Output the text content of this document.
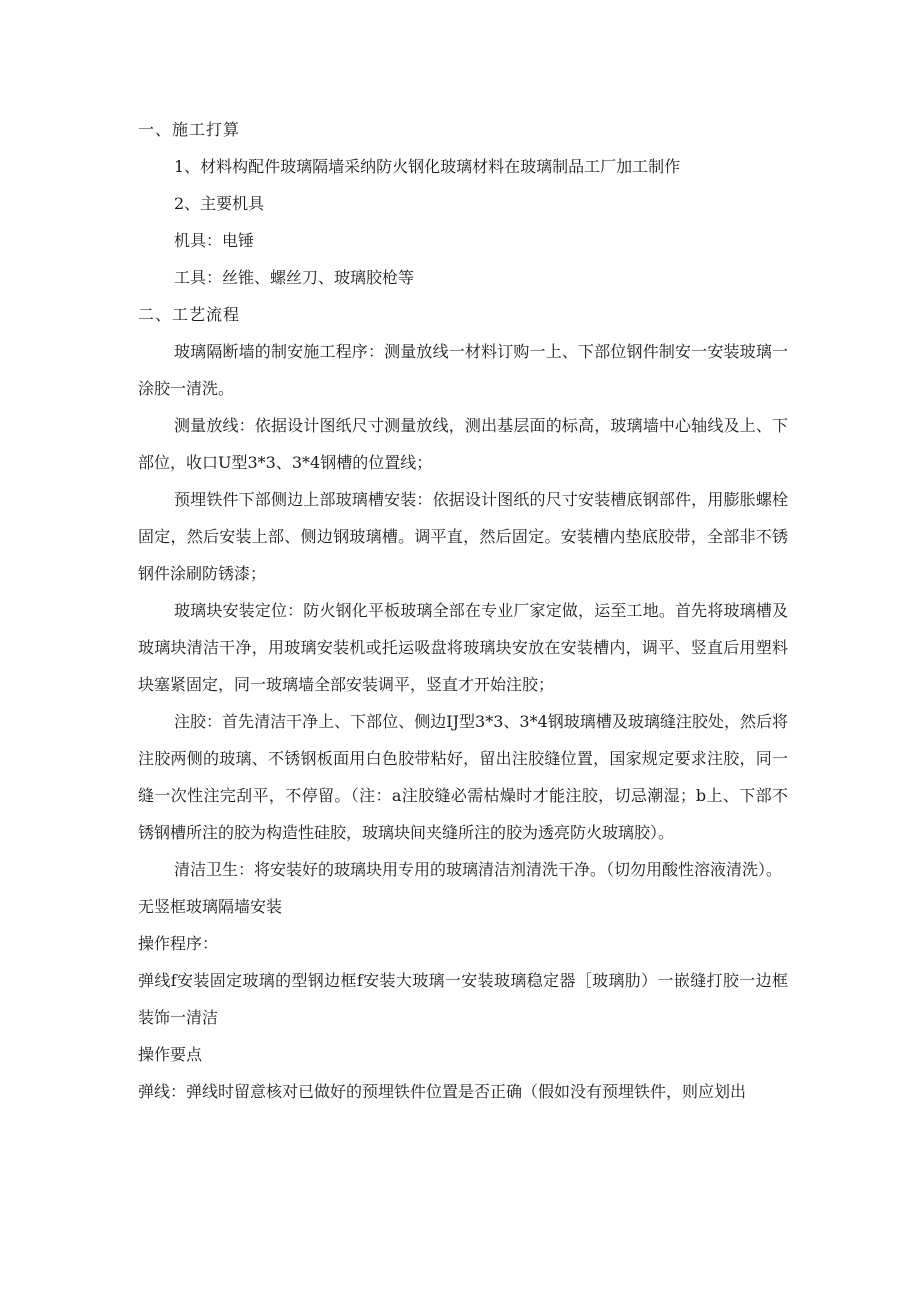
一、施工打算

1、材料构配件玻璃隔墙采纳防火钢化玻璃材料在玻璃制品工厂加工制作

2、主要机具

机具：电锤

工具：丝锥、螺丝刀、玻璃胶枪等

二、工艺流程

玻璃隔断墙的制安施工程序：测量放线一材料订购一上、下部位钢件制安一安装玻璃一涂胶一清洗。

测量放线：依据设计图纸尺寸测量放线，测出基层面的标高，玻璃墙中心轴线及上、下部位，收口U型3*3、3*4钢槽的位置线；

预埋铁件下部侧边上部玻璃槽安装：依据设计图纸的尺寸安装槽底钢部件，用膨胀螺栓固定，然后安装上部、侧边钢玻璃槽。调平直，然后固定。安装槽内垫底胶带，全部非不锈钢件涂刷防锈漆；

玻璃块安装定位：防火钢化平板玻璃全部在专业厂家定做，运至工地。首先将玻璃槽及玻璃块清洁干净，用玻璃安装机或托运吸盘将玻璃块安放在安装槽内，调平、竖直后用塑料块塞紧固定，同一玻璃墙全部安装调平，竖直才开始注胶；

注胶：首先清洁干净上、下部位、侧边IJ型3*3、3*4钢玻璃槽及玻璃缝注胶处，然后将注胶两侧的玻璃、不锈钢板面用白色胶带粘好，留出注胶缝位置，国家规定要求注胶，同一缝一次性注完刮平，不停留。（注：a注胶缝必需枯燥时才能注胶，切忌潮湿；b上、下部不锈钢槽所注的胶为构造性硅胶，玻璃块间夹缝所注的胶为透亮防火玻璃胶）。

清洁卫生：将安装好的玻璃块用专用的玻璃清洁剂清洗干净。（切勿用酸性溶液清洗）。

无竖框玻璃隔墙安装

操作程序：

弹线f安装固定玻璃的型钢边框f安装大玻璃一安装玻璃稳定器［玻璃肋）一嵌缝打胶一边框装饰一清洁

操作要点

弹线：弹线时留意核对已做好的预埋铁件位置是否正确（假如没有预埋铁件，则应划出
